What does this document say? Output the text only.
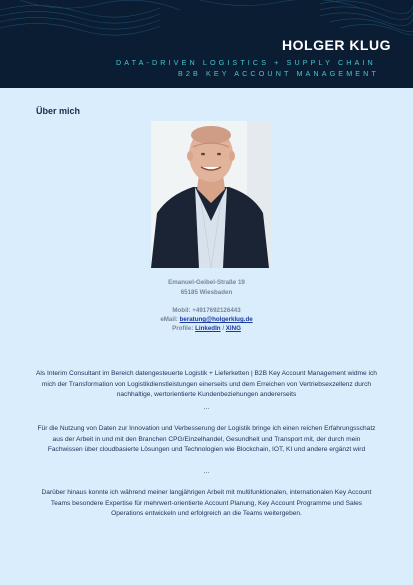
HOLGER KLUG
DATA-DRIVEN LOGISTICS + SUPPLY CHAIN
B2B KEY ACCOUNT MANAGEMENT
Über mich
Emanuel-Geibel-Straße 19
65185 Wiesbaden
Mobil: +4917692126443
eMail: beratung@holgerklug.de
Profile: LinkedIn / XING
Als Interim Consultant im Bereich datengesteuerte Logistik + Lieferketten | B2B Key Account Management widme ich mich der Transformation von Logistikdienstleistungen einerseits und dem Erreichen von Vertriebsexzellenz durch nachhaltige, wertorientierte Kundenbeziehungen andererseits
...
Für die Nutzung von Daten zur Innovation und Verbesserung der Logistik bringe ich einen reichen Erfahrungsschatz aus der Arbeit in und mit den Branchen CPG/Einzelhandel, Gesundheit und Transport mit, der durch mein Fachwissen über cloudbasierte Lösungen und Technologien wie Blockchain, IOT, KI und andere ergänzt wird
...
Darüber hinaus konnte ich während meiner langjährigen Arbeit mit multifunktionalen, internationalen Key Account Teams besondere Expertise für mehrwert-orientierte Account Planung, Key Account Programme und Sales Operations entwickeln und erfolgreich an die Teams weitergeben.
